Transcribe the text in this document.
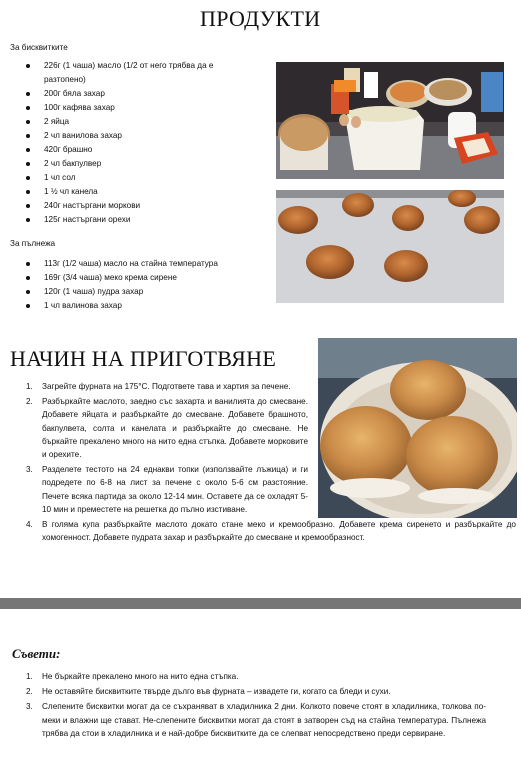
ПРОДУКТИ
За бисквитките
226г (1 чаша) масло (1/2 от него трябва да е разтопено)
200г бяла захар
100г кафява захар
2 яйца
2 чл ванилова захар
420г брашно
2 чл бакпулвер
1 чл сол
1 ½ чл канела
240г настъргани моркови
125г настъргани орехи
За пълнежа
113г (1/2 чаша) масло на стайна температура
169г (3/4 чаша) меко крема сирене
120г (1 чаша) пудра захар
1 чл валинова захар
НАЧИН НА ПРИГОТВЯНЕ
1. Загрейте фурната на 175°C. Подгответе тава и хартия за печене.
2. Разбъркайте маслото, заедно със захарта и ванилията до смесване. Добавете яйцата и разбъркайте до смесване. Добавете брашното, бакпулвета, солта и канелата и разбъркайте до смесване. Не бъркайте прекалено много на нито една стъпка. Добавете морковите и орехите.
3. Разделете тестото на 24 еднакви топки (използвайте лъжица) и ги подредете по 6-8 на лист за печене с около 5-6 см разстояние. Печете всяка партида за около 12-14 мин. Оставете да се охладят 5-10 мин и преместете на решетка до пълно изстиване.
4. В голяма купа разбъркайте маслото докато стане меко и кремообразно. Добавете крема сиренето и разбъркайте до хомогенност. Добавете пудрата захар и разбъркайте до смесване и кремообразност.
Съвети:
1. Не бъркайте прекалено много на нито една стъпка.
2. Не оставяйте бисквитките твърде дълго във фурната – извадете ги, когато са бледи и сухи.
3. Слепените бисквитки могат да се съхраняват в хладилника 2 дни. Колкото повече стоят в хладилника, толкова по-меки и влажни ще стават. Не-слепените бисквитки могат да стоят в затворен съд на стайна температура. Пълнежа трябва да стои в хладилника и е най-добре бисквитките да се слепват непосредствено преди сервиране.
